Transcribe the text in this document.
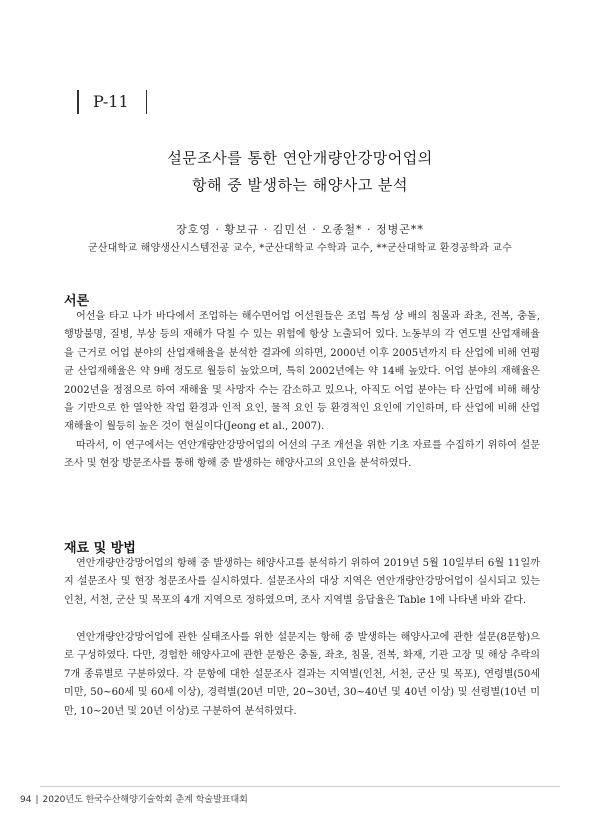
P-11
설문조사를 통한 연안개량안강망어업의
항해 중 발생하는 해양사고 분석
장호영 · 황보규 · 김민선 · 오종철* · 정병곤**
군산대학교 해양생산시스템전공 교수, *군산대학교 수학과 교수, **군산대학교 환경공학과 교수
서론

어선을 타고 나가 바다에서 조업하는 해수면어업 어선원들은 조업 특성 상 배의 침몰과 좌초, 전복, 충돌, 행방불명, 질병, 부상 등의 재해가 닥칠 수 있는 위험에 항상 노출되어 있다. 노동부의 각 연도별 산업재해율을 근거로 어업 분야의 산업재해율을 분석한 결과에 의하면, 2000년 이후 2005년까지 타 산업에 비해 연평균 산업재해율은 약 9배 정도로 월등히 높았으며, 특히 2002년에는 약 14배 높았다. 어업 분야의 재해율은 2002년을 정점으로 하여 재해율 및 사망자 수는 감소하고 있으나, 아직도 어업 분야는 타 산업에 비해 해상을 기반으로 한 열악한 작업 환경과 인적 요인, 물적 요인 등 환경적인 요인에 기인하며, 타 산업에 비해 산업재해율이 월등히 높은 것이 현실이다(Jeong et al., 2007).

따라서, 이 연구에서는 연안개량안강망어업의 어선의 구조 개선을 위한 기초 자료를 수집하기 위하여 설문조사 및 현장 방문조사를 통해 항해 중 발생하는 해양사고의 요인을 분석하였다.

재료 및 방법

연안개량안강망어업의 항해 중 발생하는 해양사고를 분석하기 위하여 2019년 5월 10일부터 6월 11일까지 설문조사 및 현장 청문조사를 실시하였다. 설문조사의 대상 지역은 연안개량안강망어업이 실시되고 있는 인천, 서천, 군산 및 목포의 4개 지역으로 정하였으며, 조사 지역별 응답율은 Table 1에 나타낸 바와 같다.

연안개량안강망어업에 관한 실태조사를 위한 설문지는 항해 중 발생하는 해양사고에 관한 설문(8문항)으로 구성하였다. 다만, 경험한 해양사고에 관한 문항은 충돌, 좌초, 침몰, 전복, 화재, 기관 고장 및 해상 추락의 7개 종류별로 구분하였다. 각 문항에 대한 설문조사 결과는 지역별(인천, 서천, 군산 및 목포), 연령별(50세 미만, 50~60세 및 60세 이상), 경력별(20년 미만, 20~30년, 30~40년 및 40년 이상) 및 선령별(10년 미만, 10~20년 및 20년 이상)로 구분하여 분석하였다.

94 | 2020년도 한국수산해양기술학회 춘계 학술발표대회
